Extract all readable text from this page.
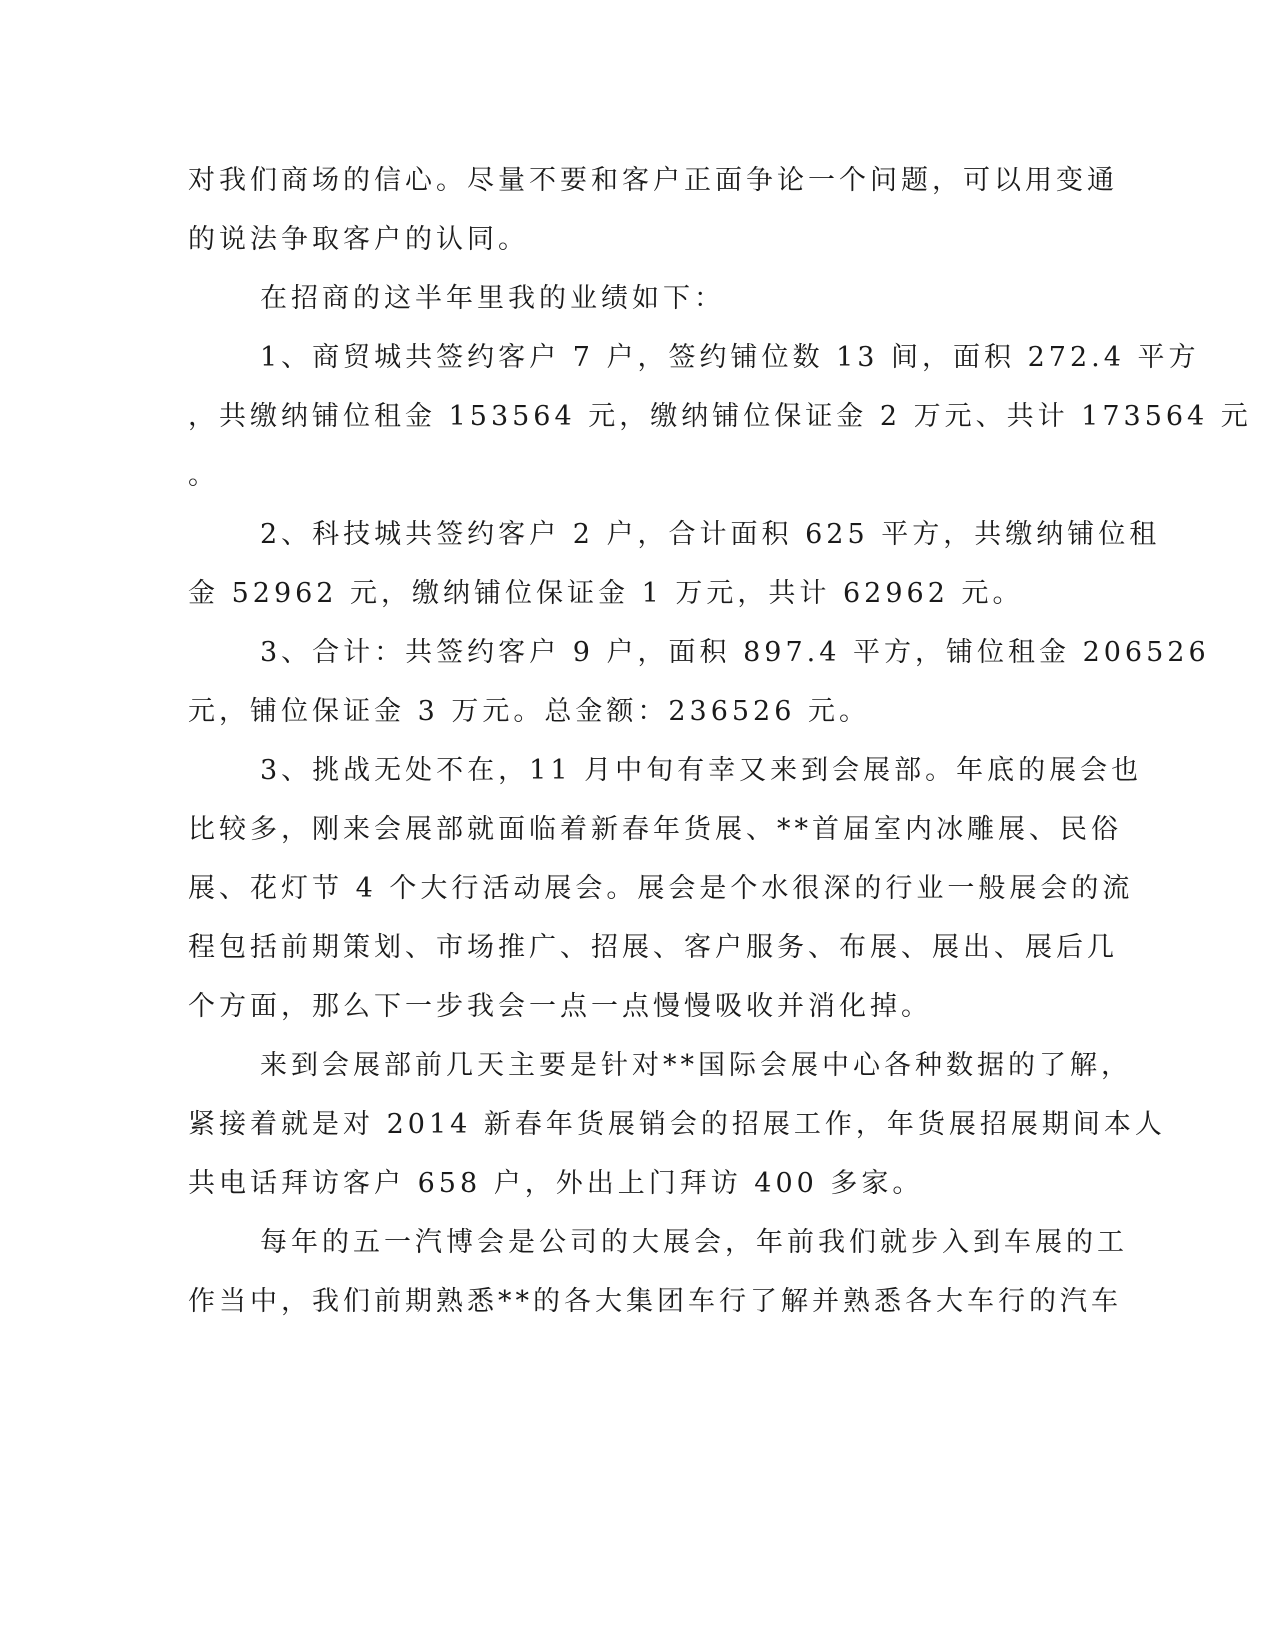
对我们商场的信心。尽量不要和客户正面争论一个问题，可以用变通
的说法争取客户的认同。
在招商的这半年里我的业绩如下：
1、商贸城共签约客户 7 户，签约铺位数 13 间，面积 272.4 平方
，共缴纳铺位租金 153564 元，缴纳铺位保证金 2 万元、共计 173564 元
。
2、科技城共签约客户 2 户，合计面积 625 平方，共缴纳铺位租
金 52962 元，缴纳铺位保证金 1 万元，共计 62962 元。
3、合计：共签约客户 9 户，面积 897.4 平方，铺位租金 206526
元，铺位保证金 3 万元。总金额：236526 元。
3、挑战无处不在，11 月中旬有幸又来到会展部。年底的展会也
比较多，刚来会展部就面临着新春年货展、**首届室内冰雕展、民俗
展、花灯节 4 个大行活动展会。展会是个水很深的行业一般展会的流
程包括前期策划、市场推广、招展、客户服务、布展、展出、展后几
个方面，那么下一步我会一点一点慢慢吸收并消化掉。
来到会展部前几天主要是针对**国际会展中心各种数据的了解，
紧接着就是对 2014 新春年货展销会的招展工作，年货展招展期间本人
共电话拜访客户 658 户，外出上门拜访 400 多家。
每年的五一汽博会是公司的大展会，年前我们就步入到车展的工
作当中，我们前期熟悉**的各大集团车行了解并熟悉各大车行的汽车
